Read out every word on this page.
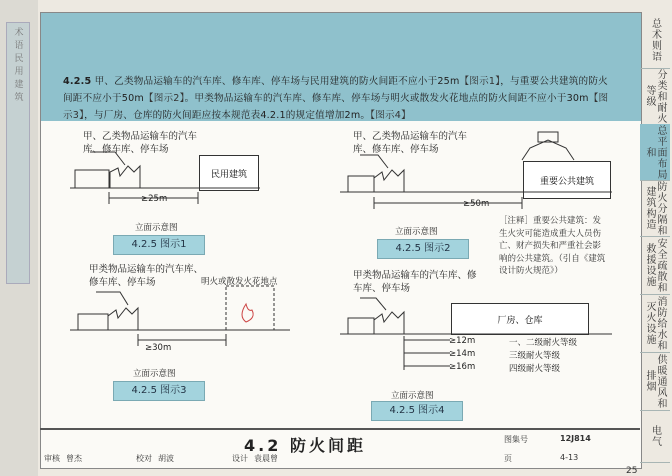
术
语
民
用
建
筑
4.2.5 甲、乙类物品运输车的汽车库、修车库、停车场与民用建筑的防火间距不应小于25m【图示1】，与重要公共建筑的防火间距不应小于50m【图示2】。甲类物品运输车的汽车库、修车库、停车场与明火或散发火花地点的防火间距不应小于30m【图示3】，与厂房、仓库的防火间距应按本规范表4.2.1的规定值增加2m。【图示4】
甲、乙类物品运输车的汽车库、修车库、停车场
民用建筑
≥25m
立面示意图
4.2.5 图示1
甲、乙类物品运输车的汽车库、修车库、停车场
重要公共建筑
≥50m
立面示意图
4.2.5 图示2
［注释］重要公共建筑：发生火灾可能造成重大人员伤亡、财产损失和严重社会影响的公共建筑。（引自《建筑设计防火规范》）
甲类物品运输车的汽车库、修车库、停车场	明火或散发火花地点
≥30m
立面示意图
4.2.5 图示3
甲类物品运输车的汽车库、修车库、停车场
厂房、仓库
≥12m	一、二级耐火等级
≥14m	三级耐火等级
≥16m	四级耐火等级
立面示意图
4.2.5 图示4
总术则语
分类和耐火等级
总平面布局和
防火分隔和建筑构造
安全疏散和救援设施
消防给水和灭火设施
供暖通风和排烟
电气
4.2 防火间距	图集号	12J814
审核 曾杰	校对 胡波	设计 袁晨曾	页	4-13
25
